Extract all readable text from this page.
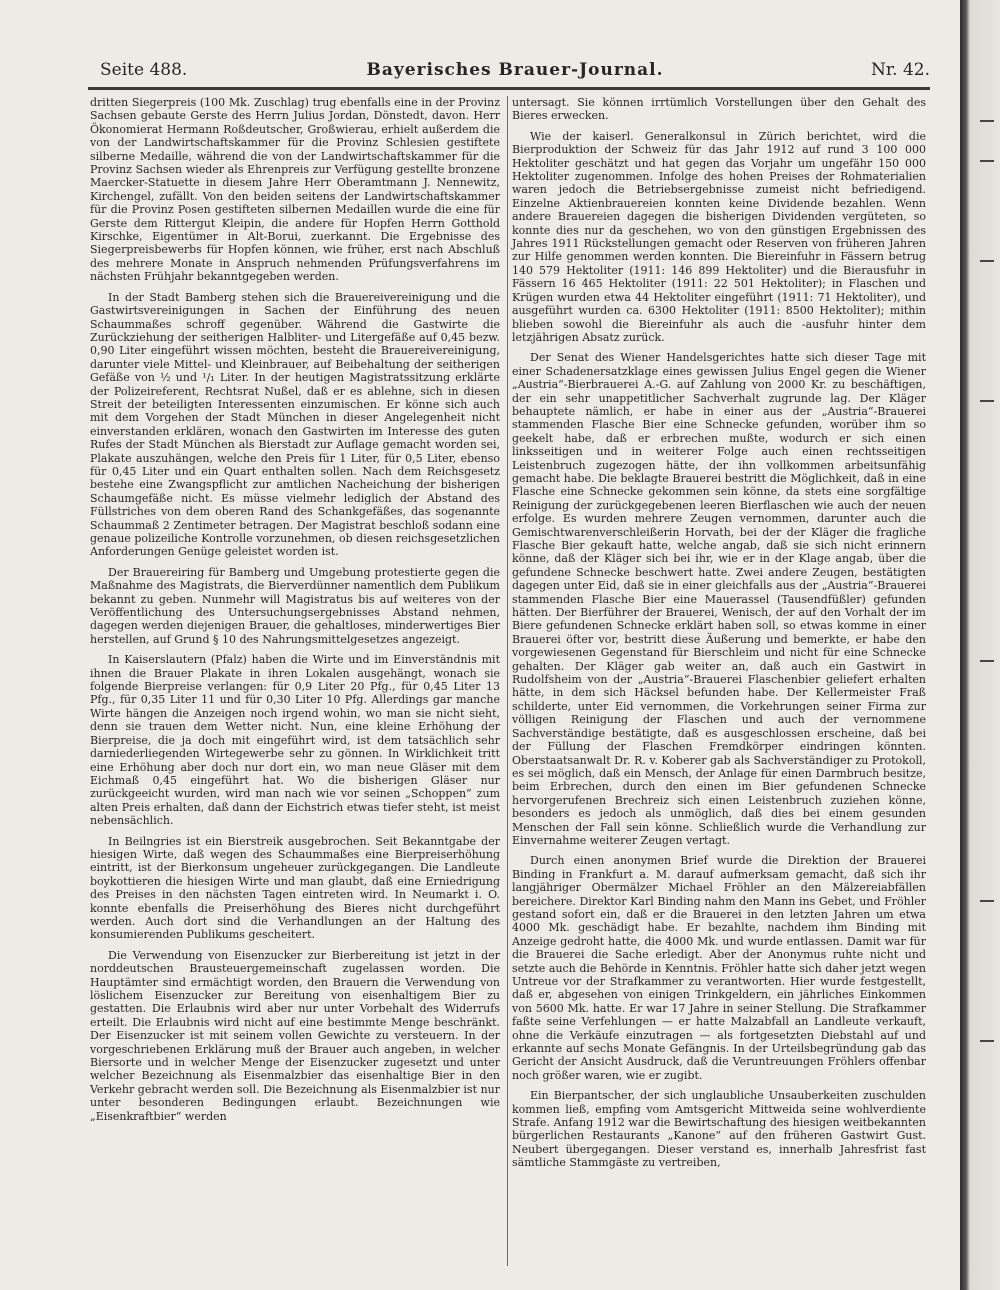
Seite 488.	Bayerisches Brauer-Journal.	Nr. 42.

dritten Siegerpreis (100 Mk. Zuschlag) trug ebenfalls eine in der Provinz Sachsen gebaute Gerste des Herrn Julius Jordan, Dönstedt, davon. Herr Ökonomierat Hermann Roßdeutscher, Großwierau, erhielt außerdem die von der Landwirtschaftskammer für die Provinz Schlesien gestiftete silberne Medaille, während die von der Landwirtschaftskammer für die Provinz Sachsen wieder als Ehrenpreis zur Verfügung gestellte bronzene Maercker-Statuette in diesem Jahre Herr Oberamtmann J. Nennewitz, Kirchengel, zufällt. Von den beiden seitens der Landwirtschaftskammer für die Provinz Posen gestifteten silbernen Medaillen wurde die eine für Gerste dem Rittergut Kleipin, die andere für Hopfen Herrn Gotthold Kirschke, Eigentümer in Alt-Borui, zuerkannt. Die Ergebnisse des Siegerpreisbewerbs für Hopfen können, wie früher, erst nach Abschluß des mehrere Monate in Anspruch nehmenden Prüfungsverfahrens im nächsten Frühjahr bekanntgegeben werden.

In der Stadt Bamberg stehen sich die Brauereivereinigung und die Gastwirtsvereinigungen in Sachen der Einführung des neuen Schaummaßes schroff gegenüber. Während die Gastwirte die Zurückziehung der seitherigen Halbliter- und Litergefäße auf 0,45 bezw. 0,90 Liter eingeführt wissen möchten, besteht die Brauereivereinigung, darunter viele Mittel- und Kleinbrauer, auf Beibehaltung der seitherigen Gefäße von ½ und ¹/₁ Liter. In der heutigen Magistratssitzung erklärte der Polizeireferent, Rechtsrat Nußel, daß er es ablehne, sich in diesen Streit der beteiligten Interessenten einzumischen. Er könne sich auch mit dem Vorgehen der Stadt München in dieser Angelegenheit nicht einverstanden erklären, wonach den Gastwirten im Interesse des guten Rufes der Stadt München als Bierstadt zur Auflage gemacht worden sei, Plakate auszuhängen, welche den Preis für 1 Liter, für 0,5 Liter, ebenso für 0,45 Liter und ein Quart enthalten sollen. Nach dem Reichsgesetz bestehe eine Zwangspflicht zur amtlichen Nacheichung der bisherigen Schaumgefäße nicht. Es müsse vielmehr lediglich der Abstand des Füllstriches von dem oberen Rand des Schankgefäßes, das sogenannte Schaummaß 2 Zentimeter betragen. Der Magistrat beschloß sodann eine genaue polizeiliche Kontrolle vorzunehmen, ob diesen reichsgesetzlichen Anforderungen Genüge geleistet worden ist.

Der Brauereiring für Bamberg und Umgebung protestierte gegen die Maßnahme des Magistrats, die Bierverdünner namentlich dem Publikum bekannt zu geben. Nunmehr will Magistratus bis auf weiteres von der Veröffentlichung des Untersuchungsergebnisses Abstand nehmen, dagegen werden diejenigen Brauer, die gehaltloses, minderwertiges Bier herstellen, auf Grund § 10 des Nahrungsmittelgesetzes angezeigt.

In Kaiserslautern (Pfalz) haben die Wirte und im Einverständnis mit ihnen die Brauer Plakate in ihren Lokalen ausgehängt, wonach sie folgende Bierpreise verlangen: für 0,9 Liter 20 Pfg., für 0,45 Liter 13 Pfg., für 0,35 Liter 11 und für 0,30 Liter 10 Pfg. Allerdings gar manche Wirte hängen die Anzeigen noch irgend wohin, wo man sie nicht sieht, denn sie trauen dem Wetter nicht. Nun, eine kleine Erhöhung der Bierpreise, die ja doch mit eingeführt wird, ist dem tatsächlich sehr darniederliegenden Wirtegewerbe sehr zu gönnen. In Wirklichkeit tritt eine Erhöhung aber doch nur dort ein, wo man neue Gläser mit dem Eichmaß 0,45 eingeführt hat. Wo die bisherigen Gläser nur zurückgeeicht wurden, wird man nach wie vor seinen „Schoppen“ zum alten Preis erhalten, daß dann der Eichstrich etwas tiefer steht, ist meist nebensächlich.

In Beilngries ist ein Bierstreik ausgebrochen. Seit Bekanntgabe der hiesigen Wirte, daß wegen des Schaummaßes eine Bierpreiserhöhung eintritt, ist der Bierkonsum ungeheuer zurückgegangen. Die Landleute boykottieren die hiesigen Wirte und man glaubt, daß eine Erniedrigung des Preises in den nächsten Tagen eintreten wird. In Neumarkt i. O. konnte ebenfalls die Preiserhöhung des Bieres nicht durchgeführt werden. Auch dort sind die Verhandlungen an der Haltung des konsumierenden Publikums gescheitert.

Die Verwendung von Eisenzucker zur Bierbereitung ist jetzt in der norddeutschen Brausteuergemeinschaft zugelassen worden. Die Hauptämter sind ermächtigt worden, den Brauern die Verwendung von löslichem Eisenzucker zur Bereitung von eisenhaltigem Bier zu gestatten. Die Erlaubnis wird aber nur unter Vorbehalt des Widerrufs erteilt. Die Erlaubnis wird nicht auf eine bestimmte Menge beschränkt. Der Eisenzucker ist mit seinem vollen Gewichte zu versteuern. In der vorgeschriebenen Erklärung muß der Brauer auch angeben, in welcher Biersorte und in welcher Menge der Eisenzucker zugesetzt und unter welcher Bezeichnung als Eisenmalzbier das eisenhaltige Bier in den Verkehr gebracht werden soll. Die Bezeichnung als Eisenmalzbier ist nur unter besonderen Bedingungen erlaubt. Bezeichnungen wie „Eisenkraftbier“ werden

untersagt. Sie können irrtümlich Vorstellungen über den Gehalt des Bieres erwecken.

Wie der kaiserl. Generalkonsul in Zürich berichtet, wird die Bierproduktion der Schweiz für das Jahr 1912 auf rund 3 100 000 Hektoliter geschätzt und hat gegen das Vorjahr um ungefähr 150 000 Hektoliter zugenommen. Infolge des hohen Preises der Rohmaterialien waren jedoch die Betriebsergebnisse zumeist nicht befriedigend. Einzelne Aktienbrauereien konnten keine Dividende bezahlen. Wenn andere Brauereien dagegen die bisherigen Dividenden vergüteten, so konnte dies nur da geschehen, wo von den günstigen Ergebnissen des Jahres 1911 Rückstellungen gemacht oder Reserven von früheren Jahren zur Hilfe genommen werden konnten. Die Biereinfuhr in Fässern betrug 140 579 Hektoliter (1911: 146 899 Hektoliter) und die Bierausfuhr in Fässern 16 465 Hektoliter (1911: 22 501 Hektoliter); in Flaschen und Krügen wurden etwa 44 Hektoliter eingeführt (1911: 71 Hektoliter), und ausgeführt wurden ca. 6300 Hektoliter (1911: 8500 Hektoliter); mithin blieben sowohl die Biereinfuhr als auch die -ausfuhr hinter dem letzjährigen Absatz zurück.

Der Senat des Wiener Handelsgerichtes hatte sich dieser Tage mit einer Schadenersatzklage eines gewissen Julius Engel gegen die Wiener „Austria“-Bierbrauerei A.-G. auf Zahlung von 2000 Kr. zu beschäftigen, der ein sehr unappetitlicher Sachverhalt zugrunde lag. Der Kläger behauptete nämlich, er habe in einer aus der „Austria“-Brauerei stammenden Flasche Bier eine Schnecke gefunden, worüber ihm so geekelt habe, daß er erbrechen mußte, wodurch er sich einen linksseitigen und in weiterer Folge auch einen rechtsseitigen Leistenbruch zugezogen hätte, der ihn vollkommen arbeitsunfähig gemacht habe. Die beklagte Brauerei bestritt die Möglichkeit, daß in eine Flasche eine Schnecke gekommen sein könne, da stets eine sorgfältige Reinigung der zurückgegebenen leeren Bierflaschen wie auch der neuen erfolge. Es wurden mehrere Zeugen vernommen, darunter auch die Gemischtwarenverschleißerin Horvath, bei der der Kläger die fragliche Flasche Bier gekauft hatte, welche angab, daß sie sich nicht erinnern könne, daß der Kläger sich bei ihr, wie er in der Klage angab, über die gefundene Schnecke beschwert hatte. Zwei andere Zeugen, bestätigten dagegen unter Eid, daß sie in einer gleichfalls aus der „Austria“-Brauerei stammenden Flasche Bier eine Mauerassel (Tausendfüßler) gefunden hätten. Der Bierführer der Brauerei, Wenisch, der auf den Vorhalt der im Biere gefundenen Schnecke erklärt haben soll, so etwas komme in einer Brauerei öfter vor, bestritt diese Äußerung und bemerkte, er habe den vorgewiesenen Gegenstand für Bierschleim und nicht für eine Schnecke gehalten. Der Kläger gab weiter an, daß auch ein Gastwirt in Rudolfsheim von der „Austria“-Brauerei Flaschenbier geliefert erhalten hätte, in dem sich Häcksel befunden habe. Der Kellermeister Fraß schilderte, unter Eid vernommen, die Vorkehrungen seiner Firma zur völligen Reinigung der Flaschen und auch der vernommene Sachverständige bestätigte, daß es ausgeschlossen erscheine, daß bei der Füllung der Flaschen Fremdkörper eindringen könnten. Oberstaatsanwalt Dr. R. v. Koberer gab als Sachverständiger zu Protokoll, es sei möglich, daß ein Mensch, der Anlage für einen Darmbruch besitze, beim Erbrechen, durch den einen im Bier gefundenen Schnecke hervorgerufenen Brechreiz sich einen Leistenbruch zuziehen könne, besonders es jedoch als unmöglich, daß dies bei einem gesunden Menschen der Fall sein könne. Schließlich wurde die Verhandlung zur Einvernahme weiterer Zeugen vertagt.

Durch einen anonymen Brief wurde die Direktion der Brauerei Binding in Frankfurt a. M. darauf aufmerksam gemacht, daß sich ihr langjähriger Obermälzer Michael Fröhler an den Mälzereiabfällen bereichere. Direktor Karl Binding nahm den Mann ins Gebet, und Fröhler gestand sofort ein, daß er die Brauerei in den letzten Jahren um etwa 4000 Mk. geschädigt habe. Er bezahlte, nachdem ihm Binding mit Anzeige gedroht hatte, die 4000 Mk. und wurde entlassen. Damit war für die Brauerei die Sache erledigt. Aber der Anonymus ruhte nicht und setzte auch die Behörde in Kenntnis. Fröhler hatte sich daher jetzt wegen Untreue vor der Strafkammer zu verantworten. Hier wurde festgestellt, daß er, abgesehen von einigen Trinkgeldern, ein jährliches Einkommen von 5600 Mk. hatte. Er war 17 Jahre in seiner Stellung. Die Strafkammer faßte seine Verfehlungen — er hatte Malzabfall an Landleute verkauft, ohne die Verkäufe einzutragen — als fortgesetzten Diebstahl auf und erkannte auf sechs Monate Gefängnis. In der Urteilsbegründung gab das Gericht der Ansicht Ausdruck, daß die Veruntreuungen Fröhlers offenbar noch größer waren, wie er zugibt.

Ein Bierpantscher, der sich unglaubliche Unsauberkeiten zuschulden kommen ließ, empfing vom Amtsgericht Mittweida seine wohlverdiente Strafe. Anfang 1912 war die Bewirtschaftung des hiesigen weitbekannten bürgerlichen Restaurants „Kanone“ auf den früheren Gastwirt Gust. Neubert übergegangen. Dieser verstand es, innerhalb Jahresfrist fast sämtliche Stammgäste zu vertreiben,
